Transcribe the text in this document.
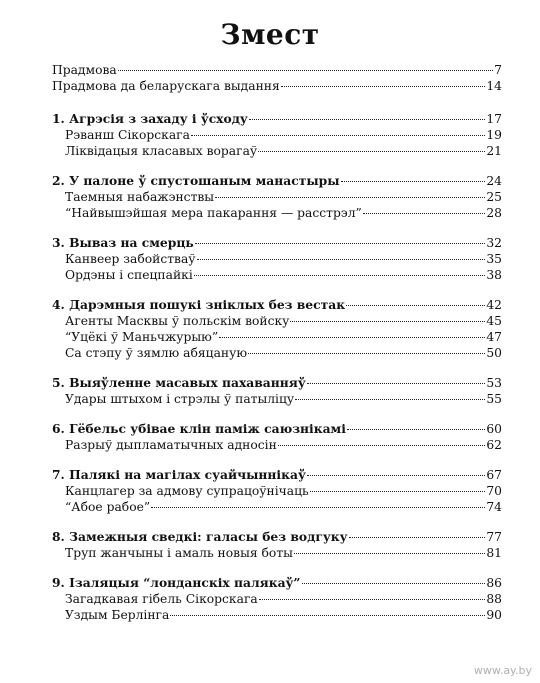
Змест
Прадмова	7
Прадмова да беларускага выдання	14
1. Агрэсія з захаду і ўсходу	17
Рэванш Сікорскага	19
Ліквідацыя класавых ворагаў	21
2. У палоне ў спустошаным манастыры	24
Таемныя набажэнствы	25
“Найвышэйшая мера пакарання — расстрэл”	28
3. Вываз на смерць	32
Канвеер забойстваў	35
Ордэны і спецпайкі	38
4. Дарэмныя пошукі зніклых без вестак	42
Агенты Масквы ў польскім войску	45
“Уцёкі ў Маньчжурыю”	47
Са стэпу ў зямлю абяцаную	50
5. Выяўленне масавых пахаванняў	53
Удары штыхом і стрэлы ў патыліцу	55
6. Гёбельс убівае клін паміж саюзнікамі	60
Разрыў дыпламатычных адносін	62
7. Палякі на магілах суайчыннікаў	67
Канцлагер за адмову супрацоўнічаць	70
“Абое рабое”	74
8. Замежныя сведкі: галасы без водгуку	77
Труп жанчыны і амаль новыя боты	81
9. Ізаляцыя “лонданскіх палякаў”	86
Загадкавая гібель Сікорскага	88
Уздым Берлінга	90
www.ay.by
